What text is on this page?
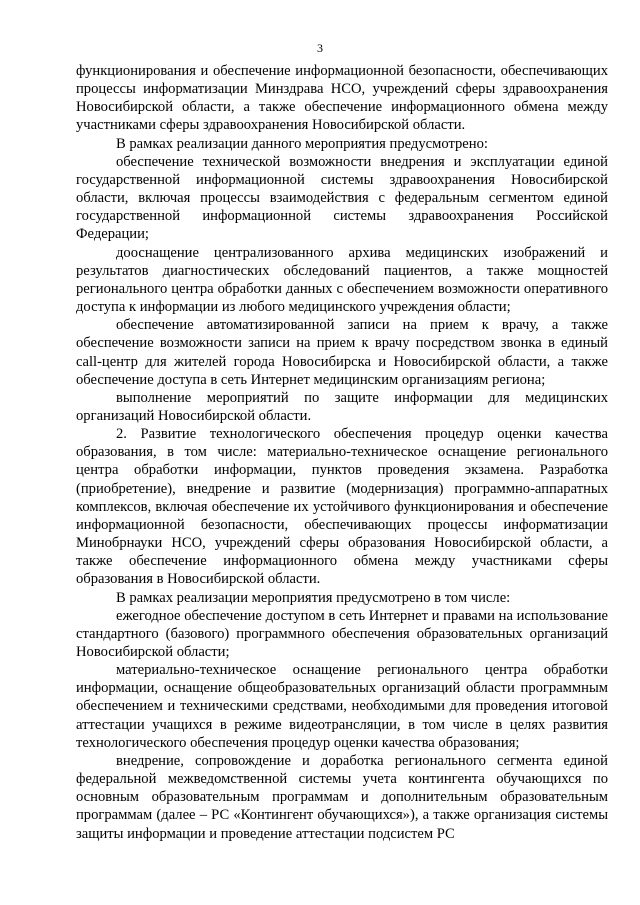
3

функционирования и обеспечение информационной безопасности, обеспечивающих процессы информатизации Минздрава НСО, учреждений сферы здравоохранения Новосибирской области, а также обеспечение информационного обмена между участниками сферы здравоохранения Новосибирской области.

В рамках реализации данного мероприятия предусмотрено:

обеспечение технической возможности внедрения и эксплуатации единой государственной информационной системы здравоохранения Новосибирской области, включая процессы взаимодействия с федеральным сегментом единой государственной информационной системы здравоохранения Российской Федерации;

дооснащение централизованного архива медицинских изображений и результатов диагностических обследований пациентов, а также мощностей регионального центра обработки данных с обеспечением возможности оперативного доступа к информации из любого медицинского учреждения области;

обеспечение автоматизированной записи на прием к врачу, а также обеспечение возможности записи на прием к врачу посредством звонка в единый call-центр для жителей города Новосибирска и Новосибирской области, а также обеспечение доступа в сеть Интернет медицинским организациям региона;

выполнение мероприятий по защите информации для медицинских организаций Новосибирской области.

2. Развитие технологического обеспечения процедур оценки качества образования, в том числе: материально-техническое оснащение регионального центра обработки информации, пунктов проведения экзамена. Разработка (приобретение), внедрение и развитие (модернизация) программно-аппаратных комплексов, включая обеспечение их устойчивого функционирования и обеспечение информационной безопасности, обеспечивающих процессы информатизации Минобрнауки НСО, учреждений сферы образования Новосибирской области, а также обеспечение информационного обмена между участниками сферы образования в Новосибирской области.

В рамках реализации мероприятия предусмотрено в том числе:

ежегодное обеспечение доступом в сеть Интернет и правами на использование стандартного (базового) программного обеспечения образовательных организаций Новосибирской области;

материально-техническое оснащение регионального центра обработки информации, оснащение общеобразовательных организаций области программным обеспечением и техническими средствами, необходимыми для проведения итоговой аттестации учащихся в режиме видеотрансляции, в том числе в целях развития технологического обеспечения процедур оценки качества образования;

внедрение, сопровождение и доработка регионального сегмента единой федеральной межведомственной системы учета контингента обучающихся по основным образовательным программам и дополнительным образовательным программам (далее – РС «Контингент обучающихся»), а также организация системы защиты информации и проведение аттестации подсистем РС
